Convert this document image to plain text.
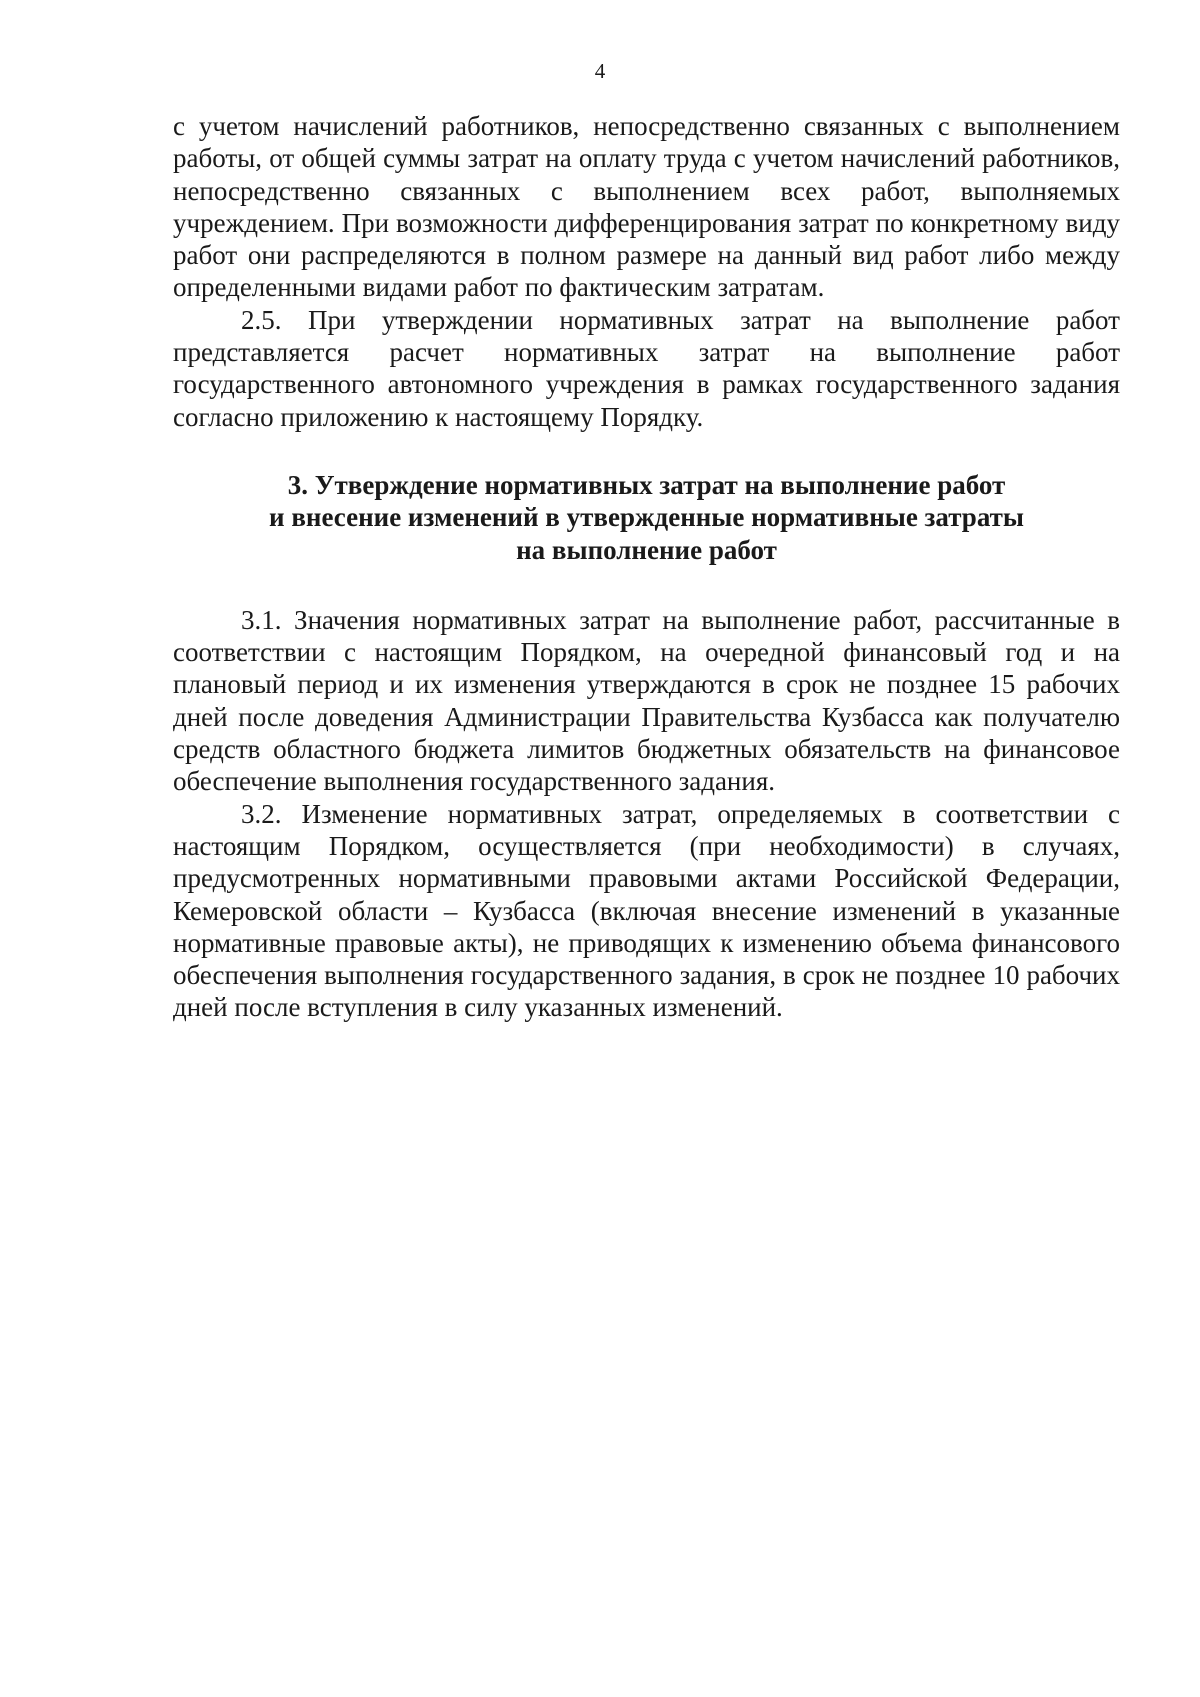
4

с учетом начислений работников, непосредственно связанных с выполнением работы, от общей суммы затрат на оплату труда с учетом начислений работников, непосредственно связанных с выполнением всех работ, выполняемых учреждением. При возможности дифференцирования затрат по конкретному виду работ они распределяются в полном размере на данный вид работ либо между определенными видами работ по фактическим затратам.

2.5. При утверждении нормативных затрат на выполнение работ представляется расчет нормативных затрат на выполнение работ государственного автономного учреждения в рамках государственного задания согласно приложению к настоящему Порядку.

3. Утверждение нормативных затрат на выполнение работ
и внесение изменений в утвержденные нормативные затраты
на выполнение работ

3.1. Значения нормативных затрат на выполнение работ, рассчитанные в соответствии с настоящим Порядком, на очередной финансовый год и на плановый период и их изменения утверждаются в срок не позднее 15 рабочих дней после доведения Администрации Правительства Кузбасса как получателю средств областного бюджета лимитов бюджетных обязательств на финансовое обеспечение выполнения государственного задания.

3.2. Изменение нормативных затрат, определяемых в соответствии с настоящим Порядком, осуществляется (при необходимости) в случаях, предусмотренных нормативными правовыми актами Российской Федерации, Кемеровской области – Кузбасса (включая внесение изменений в указанные нормативные правовые акты), не приводящих к изменению объема финансового обеспечения выполнения государственного задания, в срок не позднее 10 рабочих дней после вступления в силу указанных изменений.
